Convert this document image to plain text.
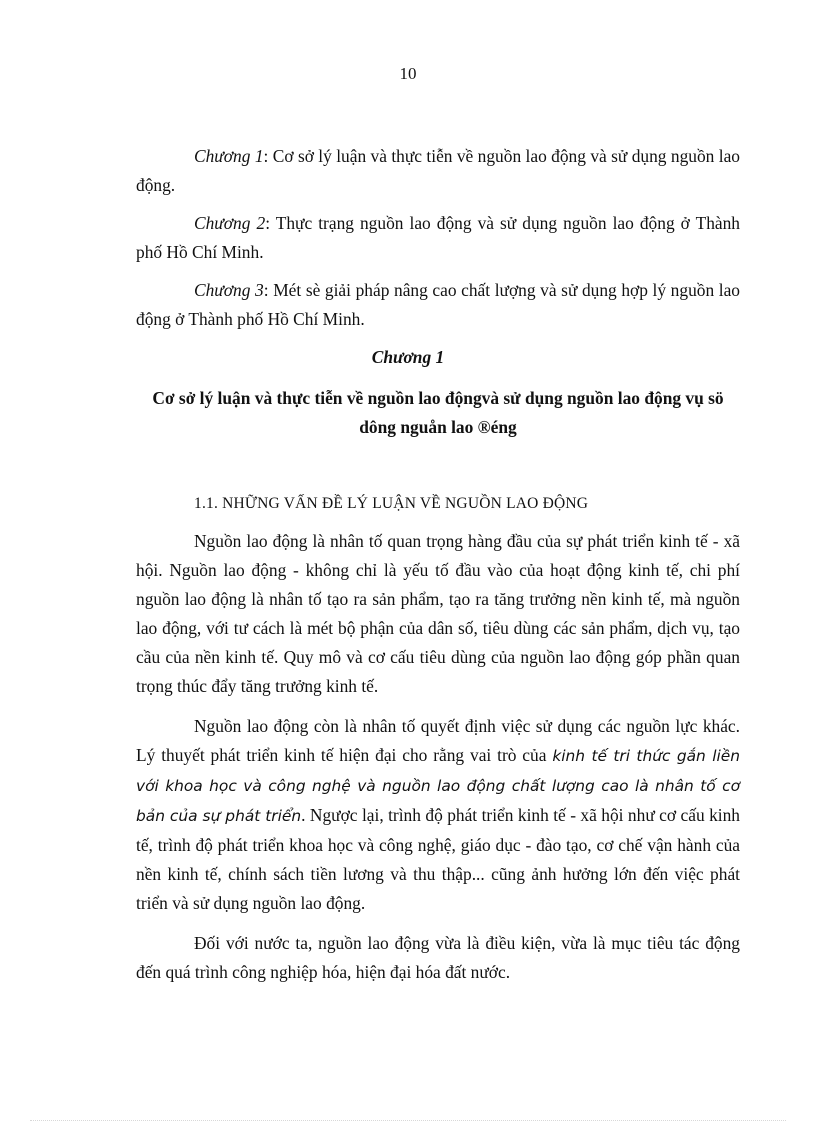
10

Chương 1: Cơ sở lý luận và thực tiễn về nguồn lao động và sử dụng nguồn lao động.

Chương 2: Thực trạng nguồn lao động và sử dụng nguồn lao động ở Thành phố Hồ Chí Minh.

Chương 3: Mét sè giải pháp nâng cao chất lượng và sử dụng hợp lý nguồn lao động ở Thành phố Hồ Chí Minh.

Chương 1

Cơ sở lý luận và thực tiễn về nguồn lao độngvà sử dụng nguồn lao động vụ sö dông nguån lao ®éng

1.1. NHỮNG VẤN ĐỀ LÝ LUẬN VỀ NGUỒN LAO ĐỘNG

Nguồn lao động là nhân tố quan trọng hàng đầu của sự phát triển kinh tế - xã hội. Nguồn lao động - không chỉ là yếu tố đầu vào của hoạt động kinh tế, chi phí nguồn lao động là nhân tố tạo ra sản phẩm, tạo ra tăng trưởng nền kinh tế, mà nguồn lao động, với tư cách là mét bộ phận của dân số, tiêu dùng các sản phẩm, dịch vụ, tạo cầu của nền kinh tế. Quy mô và cơ cấu tiêu dùng của nguồn lao động góp phần quan trọng thúc đẩy tăng trưởng kinh tế.

Nguồn lao động còn là nhân tố quyết định việc sử dụng các nguồn lực khác. Lý thuyết phát triển kinh tế hiện đại cho rằng vai trò của kinh tế tri thức gắn liền với khoa học và công nghệ và nguồn lao động chất lượng cao là nhân tố cơ bản của sự phát triển. Ngược lại, trình độ phát triển kinh tế - xã hội như cơ cấu kinh tế, trình độ phát triển khoa học và công nghệ, giáo dục - đào tạo, cơ chế vận hành của nền kinh tế, chính sách tiền lương và thu thập... cũng ảnh hưởng lớn đến việc phát triển và sử dụng nguồn lao động.

Đối với nước ta, nguồn lao động vừa là điều kiện, vừa là mục tiêu tác động đến quá trình công nghiệp hóa, hiện đại hóa đất nước.
